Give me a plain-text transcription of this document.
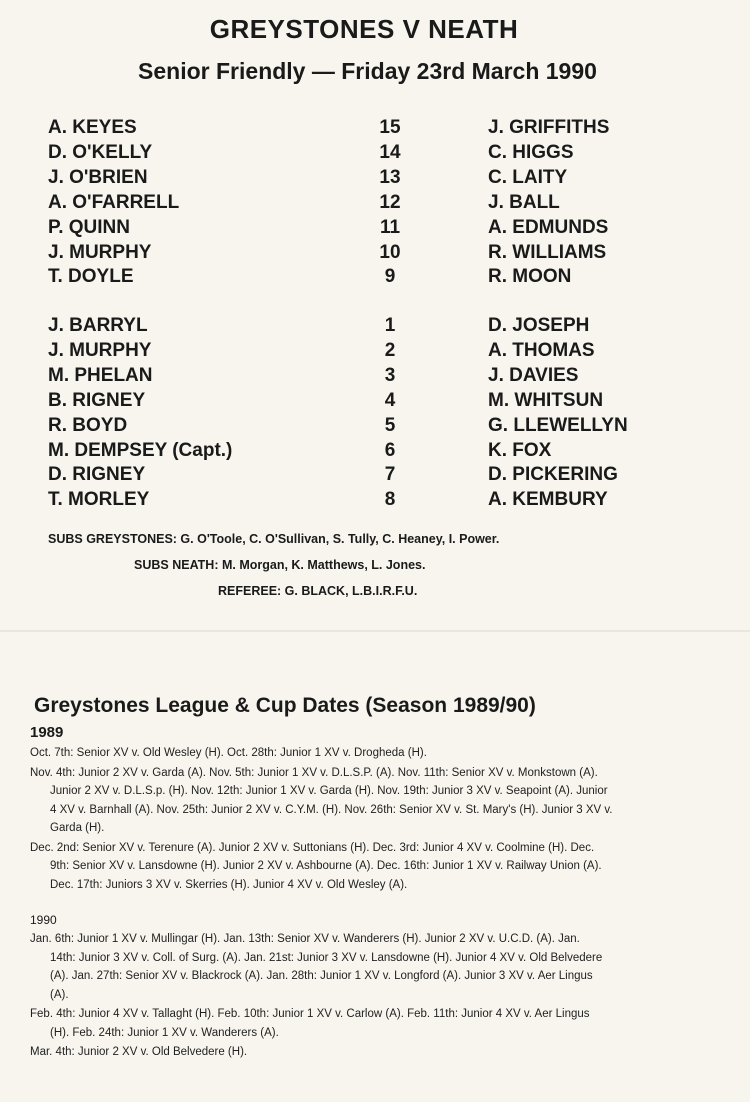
GREYSTONES V NEATH
Senior Friendly — Friday 23rd March 1990
A. KEYES	15	J. GRIFFITHS
D. O'KELLY	14	C. HIGGS
J. O'BRIEN	13	C. LAITY
A. O'FARRELL	12	J. BALL
P. QUINN	11	A. EDMUNDS
J. MURPHY	10	R. WILLIAMS
T. DOYLE	9	R. MOON
J. BARRYL	1	D. JOSEPH
J. MURPHY	2	A. THOMAS
M. PHELAN	3	J. DAVIES
B. RIGNEY	4	M. WHITSUN
R. BOYD	5	G. LLEWELLYN
M. DEMPSEY (Capt.)	6	K. FOX
D. RIGNEY	7	D. PICKERING
T. MORLEY	8	A. KEMBURY
SUBS GREYSTONES: G. O'Toole, C. O'Sullivan, S. Tully, C. Heaney, I. Power.
SUBS NEATH: M. Morgan, K. Matthews, L. Jones.
REFEREE: G. BLACK, L.B.I.R.F.U.
Greystones League & Cup Dates (Season 1989/90)
1989
Oct. 7th: Senior XV v. Old Wesley (H). Oct. 28th: Junior 1 XV v. Drogheda (H).
Nov. 4th: Junior 2 XV v. Garda (A). Nov. 5th: Junior 1 XV v. D.L.S.P. (A). Nov. 11th: Senior XV v. Monkstown (A).
Junior 2 XV v. D.L.S.p. (H). Nov. 12th: Junior 1 XV v. Garda (H). Nov. 19th: Junior 3 XV v. Seapoint (A). Junior
4 XV v. Barnhall (A). Nov. 25th: Junior 2 XV v. C.Y.M. (H). Nov. 26th: Senior XV v. St. Mary's (H). Junior 3 XV v.
Garda (H).
Dec. 2nd: Senior XV v. Terenure (A). Junior 2 XV v. Suttonians (H). Dec. 3rd: Junior 4 XV v. Coolmine (H). Dec.
9th: Senior XV v. Lansdowne (H). Junior 2 XV v. Ashbourne (A). Dec. 16th: Junior 1 XV v. Railway Union (A).
Dec. 17th: Juniors 3 XV v. Skerries (H). Junior 4 XV v. Old Wesley (A).
1990
Jan. 6th: Junior 1 XV v. Mullingar (H). Jan. 13th: Senior XV v. Wanderers (H). Junior 2 XV v. U.C.D. (A). Jan.
14th: Junior 3 XV v. Coll. of Surg. (A). Jan. 21st: Junior 3 XV v. Lansdowne (H). Junior 4 XV v. Old Belvedere
(A). Jan. 27th: Senior XV v. Blackrock (A). Jan. 28th: Junior 1 XV v. Longford (A). Junior 3 XV v. Aer Lingus
(A).
Feb. 4th: Junior 4 XV v. Tallaght (H). Feb. 10th: Junior 1 XV v. Carlow (A). Feb. 11th: Junior 4 XV v. Aer Lingus
(H). Feb. 24th: Junior 1 XV v. Wanderers (A).
Mar. 4th: Junior 2 XV v. Old Belvedere (H).
